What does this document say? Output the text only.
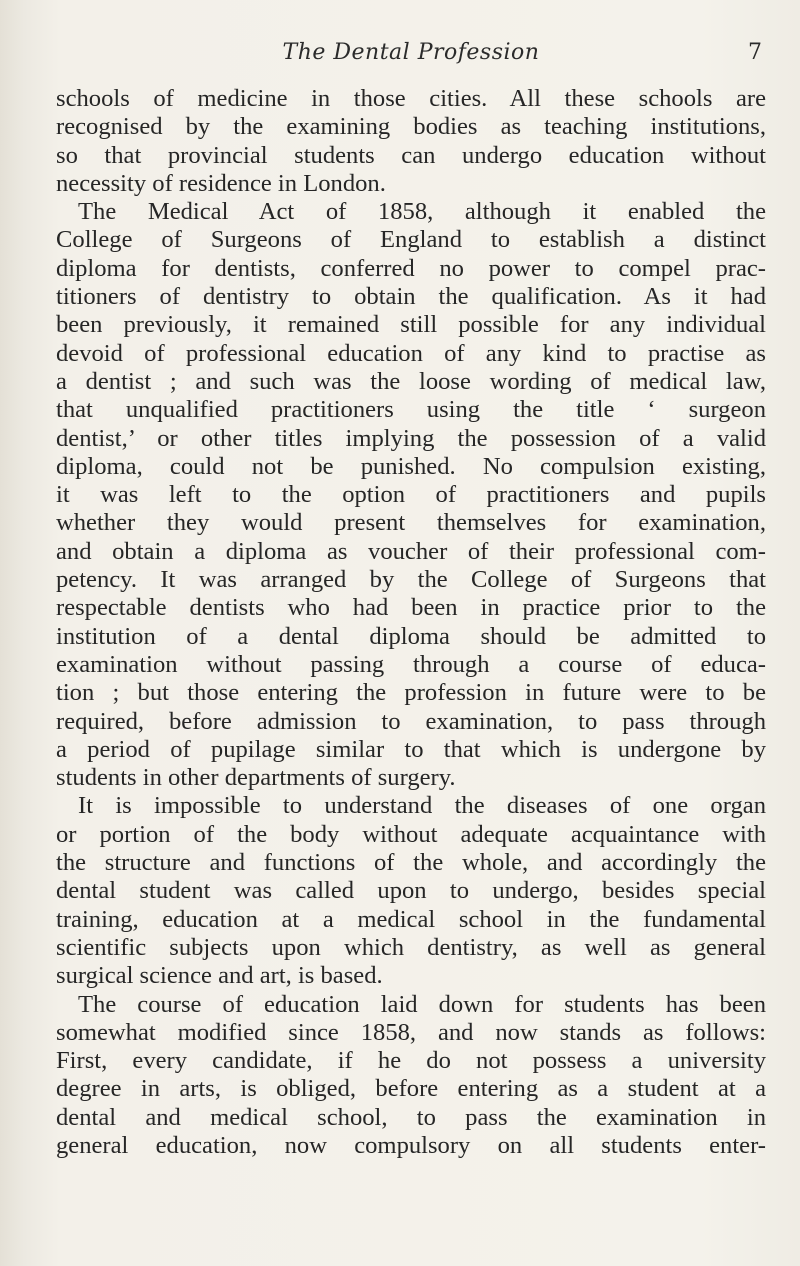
The Dental Profession	7
schools of medicine in those cities. All these schools are
recognised by the examining bodies as teaching institutions,
so that provincial students can undergo education without
necessity of residence in London.
The Medical Act of 1858, although it enabled the
College of Surgeons of England to establish a distinct
diploma for dentists, conferred no power to compel prac-
titioners of dentistry to obtain the qualification. As it had
been previously, it remained still possible for any individual
devoid of professional education of any kind to practise as
a dentist ; and such was the loose wording of medical law,
that unqualified practitioners using the title ‘ surgeon
dentist,’ or other titles implying the possession of a valid
diploma, could not be punished. No compulsion existing,
it was left to the option of practitioners and pupils
whether they would present themselves for examination,
and obtain a diploma as voucher of their professional com-
petency. It was arranged by the College of Surgeons that
respectable dentists who had been in practice prior to the
institution of a dental diploma should be admitted to
examination without passing through a course of educa-
tion ; but those entering the profession in future were to be
required, before admission to examination, to pass through
a period of pupilage similar to that which is undergone by
students in other departments of surgery.
It is impossible to understand the diseases of one organ
or portion of the body without adequate acquaintance with
the structure and functions of the whole, and accordingly the
dental student was called upon to undergo, besides special
training, education at a medical school in the fundamental
scientific subjects upon which dentistry, as well as general
surgical science and art, is based.
The course of education laid down for students has been
somewhat modified since 1858, and now stands as follows:
First, every candidate, if he do not possess a university
degree in arts, is obliged, before entering as a student at a
dental and medical school, to pass the examination in
general education, now compulsory on all students enter-
